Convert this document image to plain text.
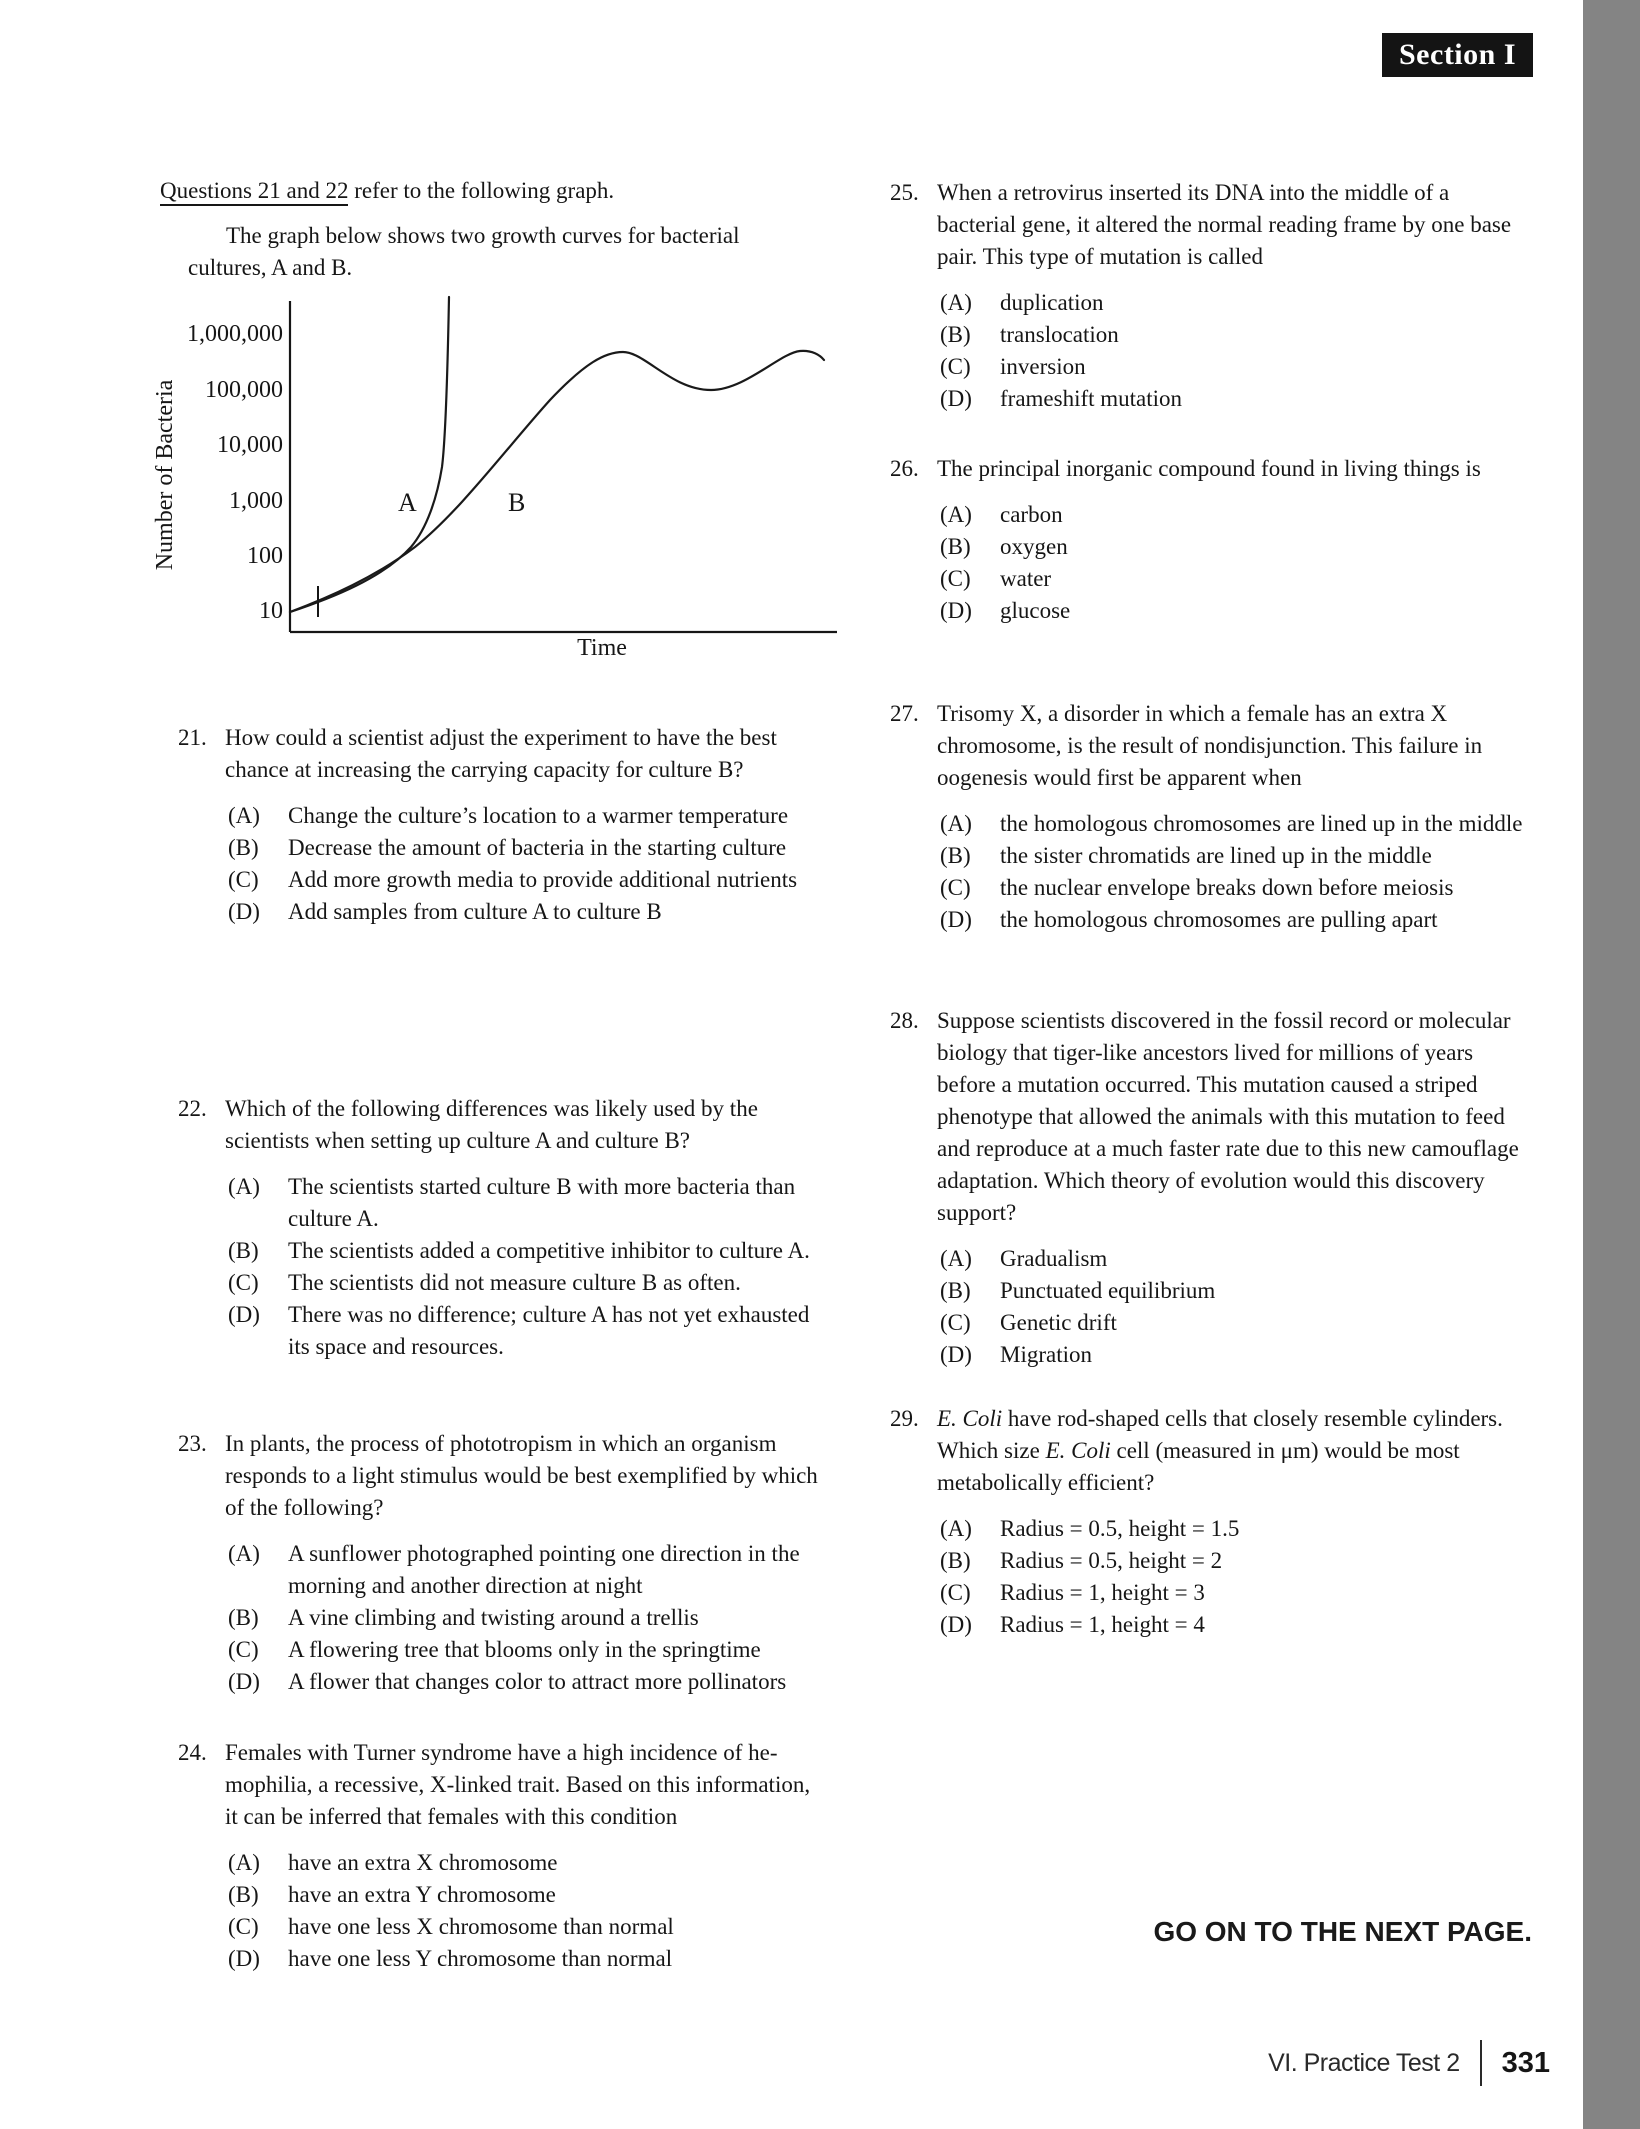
Section I
Questions 21 and 22 refer to the following graph.
The graph below shows two growth curves for bacterial cultures, A and B.
1,000,000
100,000
10,000
1,000
100
10
Number of Bacteria
Time
A	B
21. How could a scientist adjust the experiment to have the best chance at increasing the carrying capacity for culture B?
(A)	Change the culture’s location to a warmer temperature
(B)	Decrease the amount of bacteria in the starting culture
(C)	Add more growth media to provide additional nutrients
(D)	Add samples from culture A to culture B
22. Which of the following differences was likely used by the scientists when setting up culture A and culture B?
(A)	The scientists started culture B with more bacteria than culture A.
(B)	The scientists added a competitive inhibitor to culture A.
(C)	The scientists did not measure culture B as often.
(D)	There was no difference; culture A has not yet exhausted its space and resources.
23. In plants, the process of phototropism in which an organism responds to a light stimulus would be best exemplified by which of the following?
(A)	A sunflower photographed pointing one direction in the morning and another direction at night
(B)	A vine climbing and twisting around a trellis
(C)	A flowering tree that blooms only in the springtime
(D)	A flower that changes color to attract more pollinators
24. Females with Turner syndrome have a high incidence of hemophilia, a recessive, X-linked trait. Based on this information, it can be inferred that females with this condition
(A)	have an extra X chromosome
(B)	have an extra Y chromosome
(C)	have one less X chromosome than normal
(D)	have one less Y chromosome than normal
25. When a retrovirus inserted its DNA into the middle of a bacterial gene, it altered the normal reading frame by one base pair. This type of mutation is called
(A)	duplication
(B)	translocation
(C)	inversion
(D)	frameshift mutation
26. The principal inorganic compound found in living things is
(A)	carbon
(B)	oxygen
(C)	water
(D)	glucose
27. Trisomy X, a disorder in which a female has an extra X chromosome, is the result of nondisjunction. This failure in oogenesis would first be apparent when
(A)	the homologous chromosomes are lined up in the middle
(B)	the sister chromatids are lined up in the middle
(C)	the nuclear envelope breaks down before meiosis
(D)	the homologous chromosomes are pulling apart
28. Suppose scientists discovered in the fossil record or molecular biology that tiger-like ancestors lived for millions of years before a mutation occurred. This mutation caused a striped phenotype that allowed the animals with this mutation to feed and reproduce at a much faster rate due to this new camouflage adaptation. Which theory of evolution would this discovery support?
(A)	Gradualism
(B)	Punctuated equilibrium
(C)	Genetic drift
(D)	Migration
29. E. Coli have rod-shaped cells that closely resemble cylinders. Which size E. Coli cell (measured in μm) would be most metabolically efficient?
(A)	Radius = 0.5, height = 1.5
(B)	Radius = 0.5, height = 2
(C)	Radius = 1, height = 3
(D)	Radius = 1, height = 4
GO ON TO THE NEXT PAGE.
VI. Practice Test 2 331
